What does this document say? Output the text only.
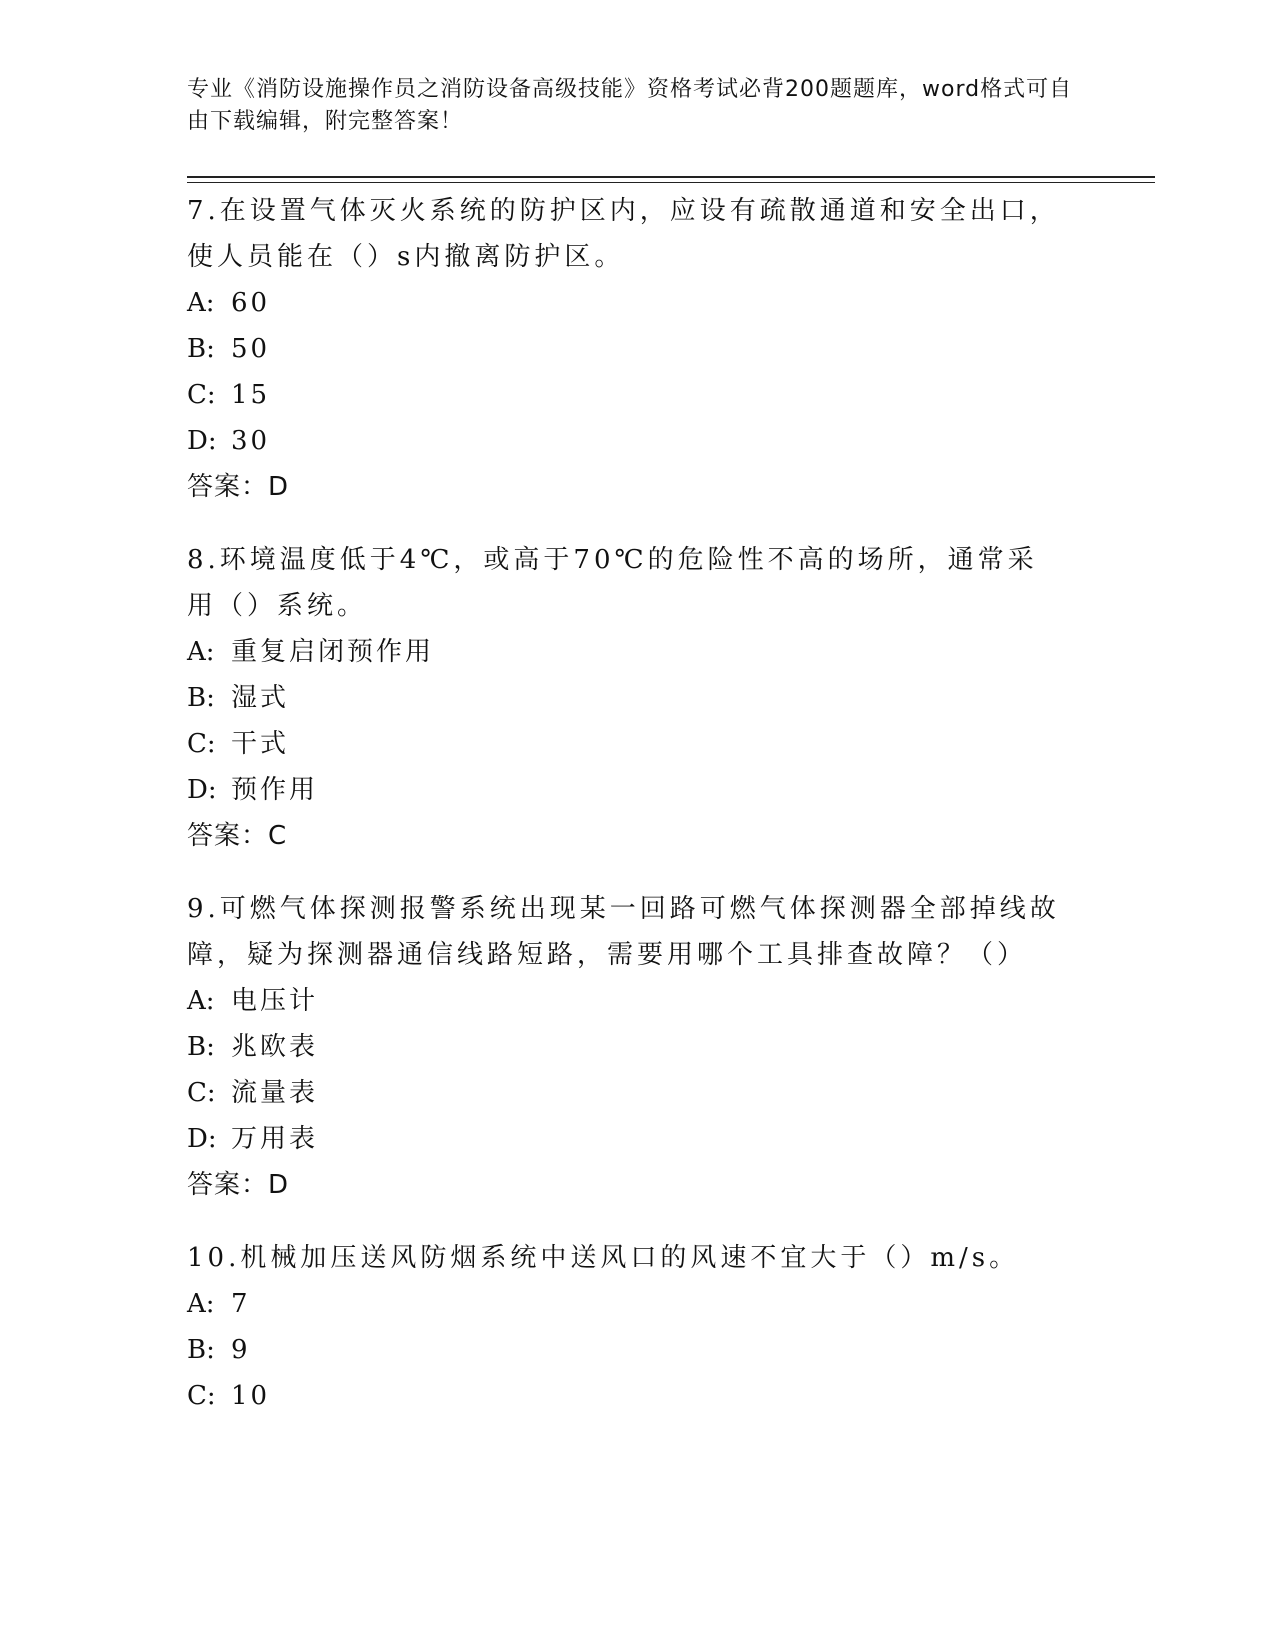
专业《消防设施操作员之消防设备高级技能》资格考试必背200题题库，word格式可自由下载编辑，附完整答案！

7.在设置气体灭火系统的防护区内，应设有疏散通道和安全出口，使人员能在（）s内撤离防护区。

A: 60

B: 50

C: 15

D: 30

答案：D

8.环境温度低于4℃，或高于70℃的危险性不高的场所，通常采用（）系统。

A: 重复启闭预作用

B: 湿式

C: 干式

D: 预作用

答案：C

9.可燃气体探测报警系统出现某一回路可燃气体探测器全部掉线故障，疑为探测器通信线路短路，需要用哪个工具排查故障？（）

A: 电压计

B: 兆欧表

C: 流量表

D: 万用表

答案：D

10.机械加压送风防烟系统中送风口的风速不宜大于（）m/s。

A: 7

B: 9

C: 10
